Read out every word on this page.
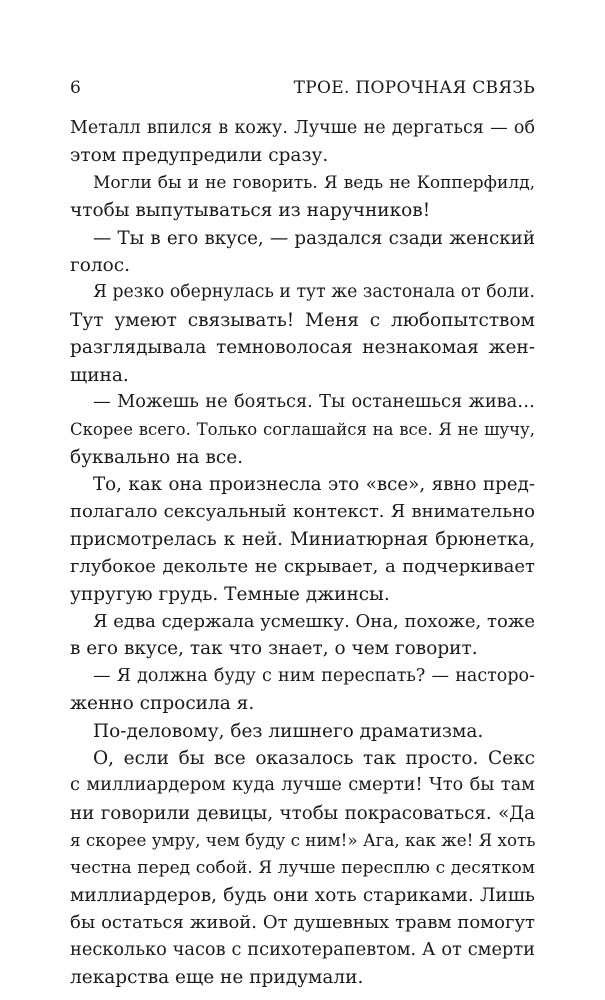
6	ТРОЕ. ПОРОЧНАЯ СВЯЗЬ
Металл впился в кожу. Лучше не дергаться — об
этом предупредили сразу.
Могли бы и не говорить. Я ведь не Копперфилд,
чтобы выпутываться из наручников!
— Ты в его вкусе, — раздался сзади женский
голос.
Я резко обернулась и тут же застонала от боли.
Тут умеют связывать! Меня с любопытством
разглядывала темноволосая незнакомая жен-
щина.
— Можешь не бояться. Ты останешься жива…
Скорее всего. Только соглашайся на все. Я не шучу,
буквально на все.
То, как она произнесла это «все», явно пред-
полагало сексуальный контекст. Я внимательно
присмотрелась к ней. Миниатюрная брюнетка,
глубокое декольте не скрывает, а подчеркивает
упругую грудь. Темные джинсы.
Я едва сдержала усмешку. Она, похоже, тоже
в его вкусе, так что знает, о чем говорит.
— Я должна буду с ним переспать? — насторо-
женно спросила я.
По-деловому, без лишнего драматизма.
О, если бы все оказалось так просто. Секс
с миллиардером куда лучше смерти! Что бы там
ни говорили девицы, чтобы покрасоваться. «Да
я скорее умру, чем буду с ним!» Ага, как же! Я хоть
честна перед собой. Я лучше пересплю с десятком
миллиардеров, будь они хоть стариками. Лишь
бы остаться живой. От душевных травм помогут
несколько часов с психотерапевтом. А от смерти
лекарства еще не придумали.
